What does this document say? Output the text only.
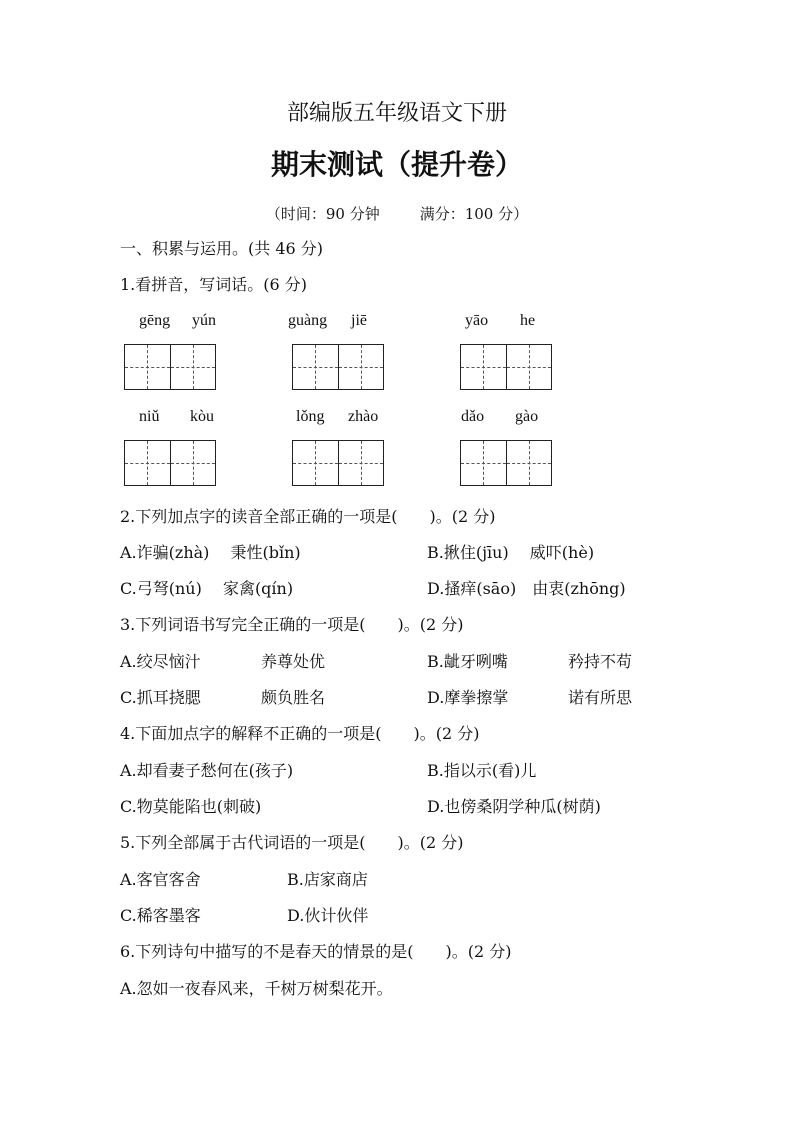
部编版五年级语文下册
期末测试（提升卷）
（时间：90 分钟	满分：100 分）
一、积累与运用。(共 46 分)
1.看拼音，写词话。(6 分)
gēng yún	guàng jiē	yāo he
niǔ kòu	lǒng zhào	dǎo gào
2.下列加点字的读音全部正确的一项是(　　)。(2 分)
A.诈骗(zhà)　 秉性(bǐn)	B.揪住(jīu)　 威吓(hè)
C.弓弩(nú)　 家禽(qín)	D.搔痒(sāo)　由衷(zhōng)
3.下列词语书写完全正确的一项是(　　)。(2 分)
A.绞尽恼汁	养尊处优	B.龇牙咧嘴	矜持不苟
C.抓耳挠腮	颇负胜名	D.摩拳擦掌	诺有所思
4.下面加点字的解释不正确的一项是(　　)。(2 分)
A.却看妻子愁何在(孩子)	B.指以示(看)儿
C.物莫能陷也(刺破)	D.也傍桑阴学种瓜(树荫)
5.下列全部属于古代词语的一项是(　　)。(2 分)
A.客官客舍	B.店家商店
C.稀客墨客	D.伙计伙伴
6.下列诗句中描写的不是春天的情景的是(　　)。(2 分)
A.忽如一夜春风来，千树万树梨花开。
